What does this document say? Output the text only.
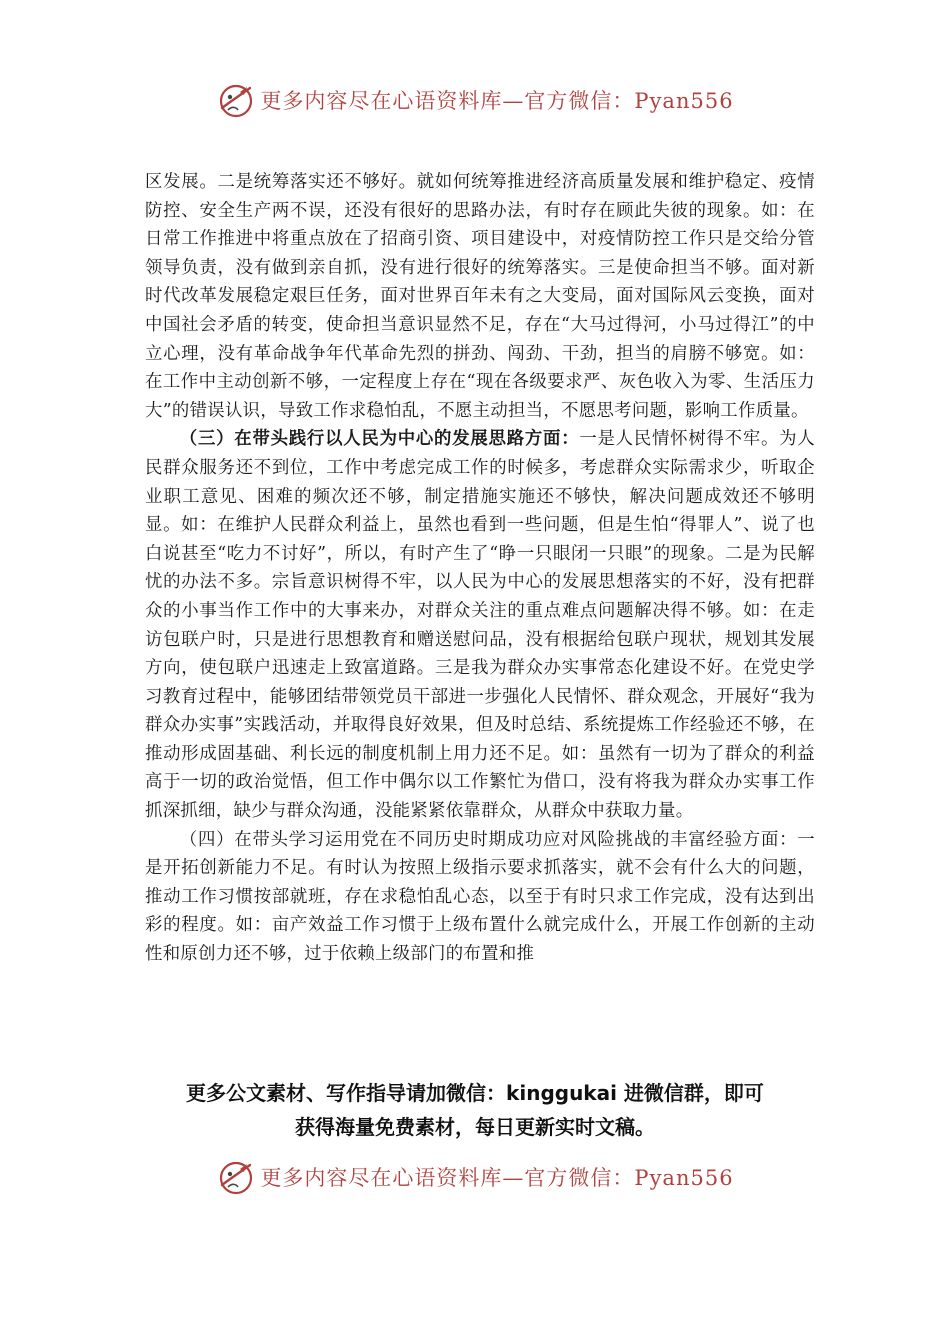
更多内容尽在心语资料库—官方微信：Pyan556

区发展。二是统筹落实还不够好。就如何统筹推进经济高质量发展和维护稳定、疫情防控、安全生产两不误，还没有很好的思路办法，有时存在顾此失彼的现象。如：在日常工作推进中将重点放在了招商引资、项目建设中，对疫情防控工作只是交给分管领导负责，没有做到亲自抓，没有进行很好的统筹落实。三是使命担当不够。面对新时代改革发展稳定艰巨任务，面对世界百年未有之大变局，面对国际风云变换，面对中国社会矛盾的转变，使命担当意识显然不足，存在“大马过得河，小马过得江”的中立心理，没有革命战争年代革命先烈的拼劲、闯劲、干劲，担当的肩膀不够宽。如：在工作中主动创新不够，一定程度上存在“现在各级要求严、灰色收入为零、生活压力大”的错误认识，导致工作求稳怕乱，不愿主动担当，不愿思考问题，影响工作质量。

（三）在带头践行以人民为中心的发展思路方面：一是人民情怀树得不牢。为人民群众服务还不到位，工作中考虑完成工作的时候多，考虑群众实际需求少，听取企业职工意见、困难的频次还不够，制定措施实施还不够快，解决问题成效还不够明显。如：在维护人民群众利益上，虽然也看到一些问题，但是生怕“得罪人”、说了也白说甚至“吃力不讨好”，所以，有时产生了“睁一只眼闭一只眼”的现象。二是为民解忧的办法不多。宗旨意识树得不牢，以人民为中心的发展思想落实的不好，没有把群众的小事当作工作中的大事来办，对群众关注的重点难点问题解决得不够。如：在走访包联户时，只是进行思想教育和赠送慰问品，没有根据给包联户现状，规划其发展方向，使包联户迅速走上致富道路。三是我为群众办实事常态化建设不好。在党史学习教育过程中，能够团结带领党员干部进一步强化人民情怀、群众观念，开展好“我为群众办实事”实践活动，并取得良好效果，但及时总结、系统提炼工作经验还不够，在推动形成固基础、利长远的制度机制上用力还不足。如：虽然有一切为了群众的利益高于一切的政治觉悟，但工作中偶尔以工作繁忙为借口，没有将我为群众办实事工作抓深抓细，缺少与群众沟通，没能紧紧依靠群众，从群众中获取力量。

（四）在带头学习运用党在不同历史时期成功应对风险挑战的丰富经验方面：一是开拓创新能力不足。有时认为按照上级指示要求抓落实，就不会有什么大的问题，推动工作习惯按部就班，存在求稳怕乱心态，以至于有时只求工作完成，没有达到出彩的程度。如：亩产效益工作习惯于上级布置什么就完成什么，开展工作创新的主动性和原创力还不够，过于依赖上级部门的布置和推

更多公文素材、写作指导请加微信：kinggukai 进微信群，即可
获得海量免费素材，每日更新实时文稿。
更多内容尽在心语资料库—官方微信：Pyan556
